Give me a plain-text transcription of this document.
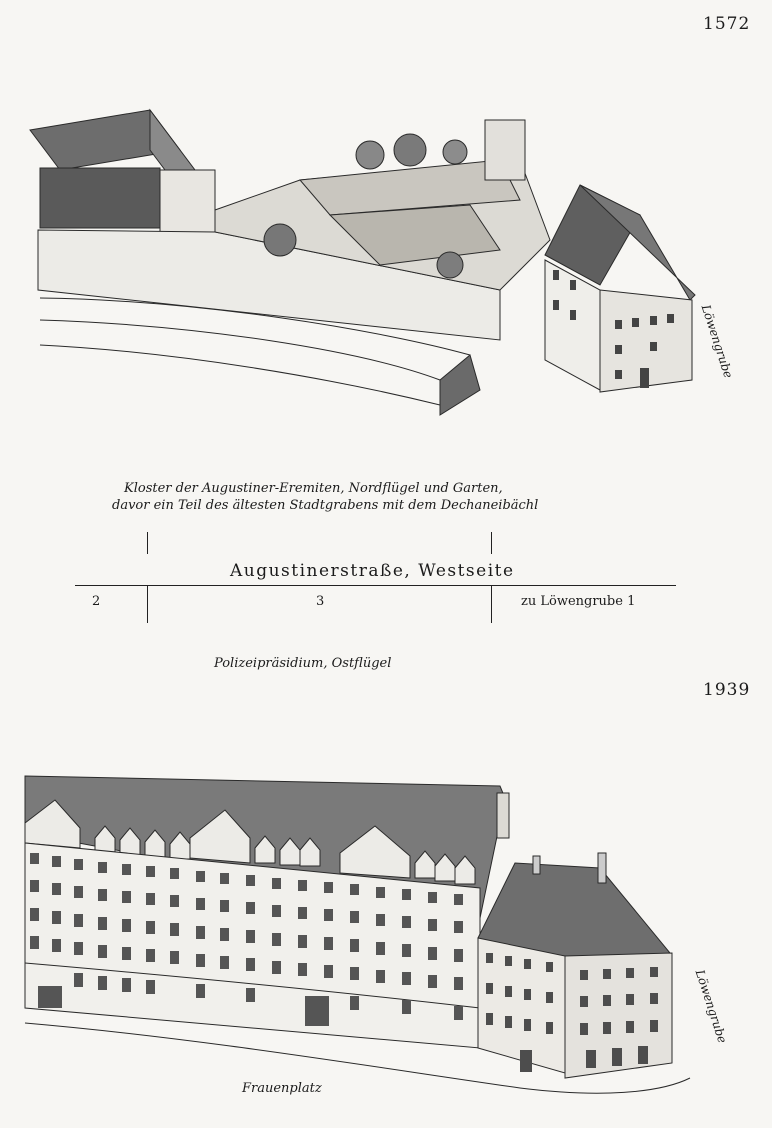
1572
Löwengrube
Kloster der Augustiner-Eremiten, Nordflügel und Garten,
davor ein Teil des ältesten Stadtgrabens mit dem Dechaneibächl
Augustinerstraße, Westseite
2	3	zu Löwengrube 1
Polizeipräsidium, Ostflügel
1939
Löwengrube
Frauenplatz
